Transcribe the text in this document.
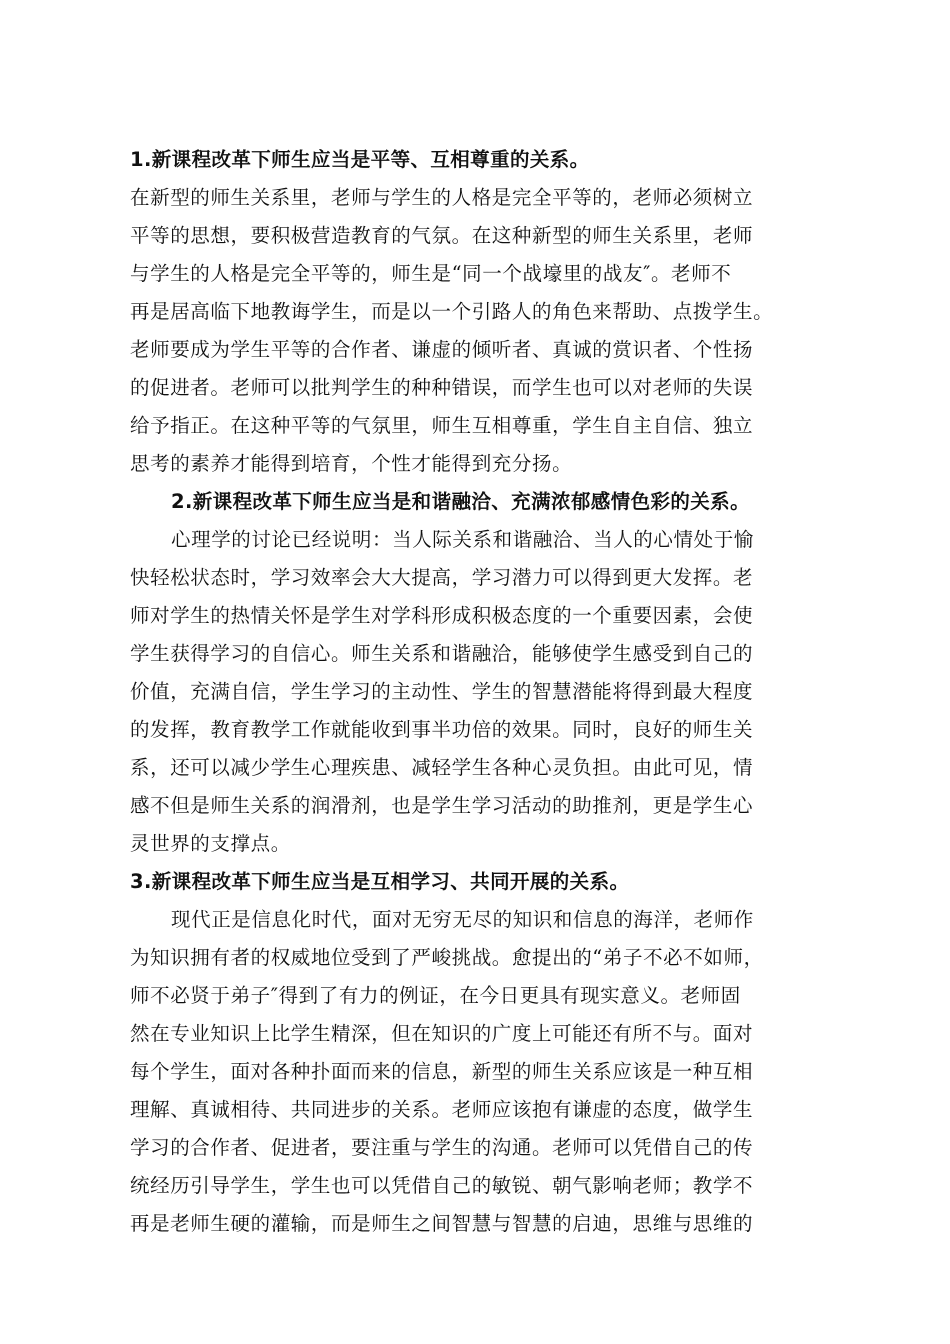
1.新课程改革下师生应当是平等、互相尊重的关系。
在新型的师生关系里，老师与学生的人格是完全平等的，老师必须树立
平等的思想，要积极营造教育的气氛。在这种新型的师生关系里，老师
与学生的人格是完全平等的，师生是“同一个战壕里的战友″。老师不
再是居高临下地教诲学生，而是以一个引路人的角色来帮助、点拨学生。
老师要成为学生平等的合作者、谦虚的倾听者、真诚的赏识者、个性扬
的促进者。老师可以批判学生的种种错误，而学生也可以对老师的失误
给予指正。在这种平等的气氛里，师生互相尊重，学生自主自信、独立
思考的素养才能得到培育，个性才能得到充分扬。
2.新课程改革下师生应当是和谐融洽、充满浓郁感情色彩的关系。
心理学的讨论已经说明：当人际关系和谐融洽、当人的心情处于愉
快轻松状态时，学习效率会大大提高，学习潜力可以得到更大发挥。老
师对学生的热情关怀是学生对学科形成积极态度的一个重要因素，会使
学生获得学习的自信心。师生关系和谐融洽，能够使学生感受到自己的
价值，充满自信，学生学习的主动性、学生的智慧潜能将得到最大程度
的发挥，教育教学工作就能收到事半功倍的效果。同时，良好的师生关
系，还可以减少学生心理疾患、减轻学生各种心灵负担。由此可见，情
感不但是师生关系的润滑剂，也是学生学习活动的助推剂，更是学生心
灵世界的支撑点。
3.新课程改革下师生应当是互相学习、共同开展的关系。
现代正是信息化时代，面对无穷无尽的知识和信息的海洋，老师作
为知识拥有者的权威地位受到了严峻挑战。愈提出的“弟子不必不如师，
师不必贤于弟子″得到了有力的例证，在今日更具有现实意义。老师固
然在专业知识上比学生精深，但在知识的广度上可能还有所不与。面对
每个学生，面对各种扑面而来的信息，新型的师生关系应该是一种互相
理解、真诚相待、共同进步的关系。老师应该抱有谦虚的态度，做学生
学习的合作者、促进者，要注重与学生的沟通。老师可以凭借自己的传
统经历引导学生，学生也可以凭借自己的敏锐、朝气影响老师；教学不
再是老师生硬的灌输，而是师生之间智慧与智慧的启迪，思维与思维的
